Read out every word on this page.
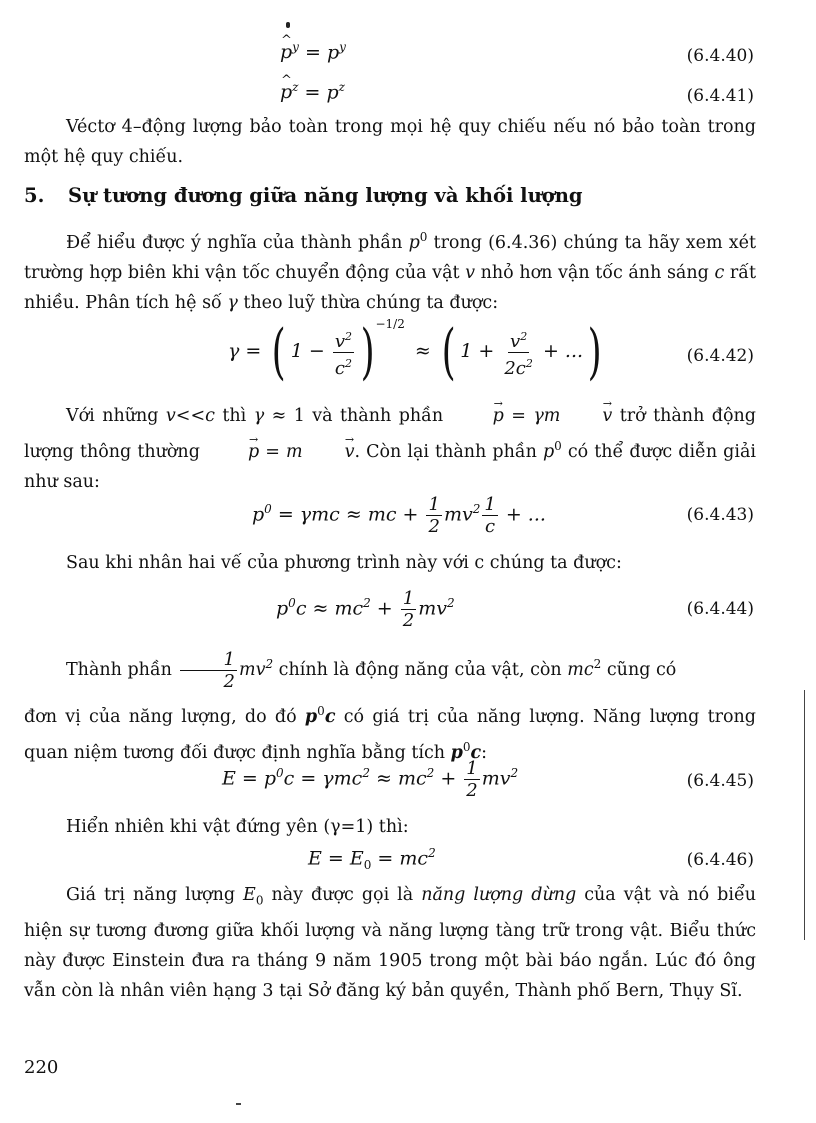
^ $p^y = p^y$	(6.4.40)
^ $p^z = p^z$	(6.4.41)
Véctơ 4–động lượng bảo toàn trong mọi hệ quy chiếu nếu nó bảo toàn trong một hệ quy chiếu.
5. Sự tương đương giữa năng lượng và khối lượng
Để hiểu được ý nghĩa của thành phần $p^0$ trong (6.4.36) chúng ta hãy xem xét trường hợp biên khi vận tốc chuyển động của vật v nhỏ hơn vận tốc ánh sáng c rất nhiều. Phân tích hệ số γ theo luỹ thừa chúng ta được:
γ = ( $1 - \frac{v^2}{c^2} )^{-1/2}$ ≈ ( $1 + \frac{v^2}{2c^2}$ + ...)	(6.4.42)
Với những v<<c thì γ ≈ 1 và thành phần → p = γm → v trở thành động lượng thông thường → p = m → v. Còn lại thành phần $p^0$ có thể được diễn giải như sau:
$p^0 = \gamma mc$ ≈ mc + $\frac{1}{2} mv^2 \frac{1}{c}$ + ...	(6.4.43)
Sau khi nhân hai vế của phương trình này với c chúng ta được:
$p^0c \approx mc^2 + \frac{1}{2} mv^2$	(6.4.44)
Thành phần $\frac{1}{2} mv^2$ chính là động năng của vật, còn $mc^2$ cũng có
đơn vị của năng lượng, do đó $p^0c$ có giá trị của năng lượng. Năng lượng trong quan niệm tương đối được định nghĩa bằng tích $p^0c$:
$E = p^0c = \gamma mc^2 \approx mc^2 + \frac{1}{2} mv^2$	(6.4.45)
Hiển nhiên khi vật đứng yên (γ=1) thì:
$E = E_0 = mc^2$	(6.4.46)
Giá trị năng lượng $E_0$ này được gọi là năng lượng dừng của vật và nó biểu hiện sự tương đương giữa khối lượng và năng lượng tàng trữ trong vật. Biểu thức này được Einstein đưa ra tháng 9 năm 1905 trong một bài báo ngắn. Lúc đó ông vẫn còn là nhân viên hạng 3 tại Sở đăng ký bản quyền, Thành phố Bern, Thụy Sĩ.
220
